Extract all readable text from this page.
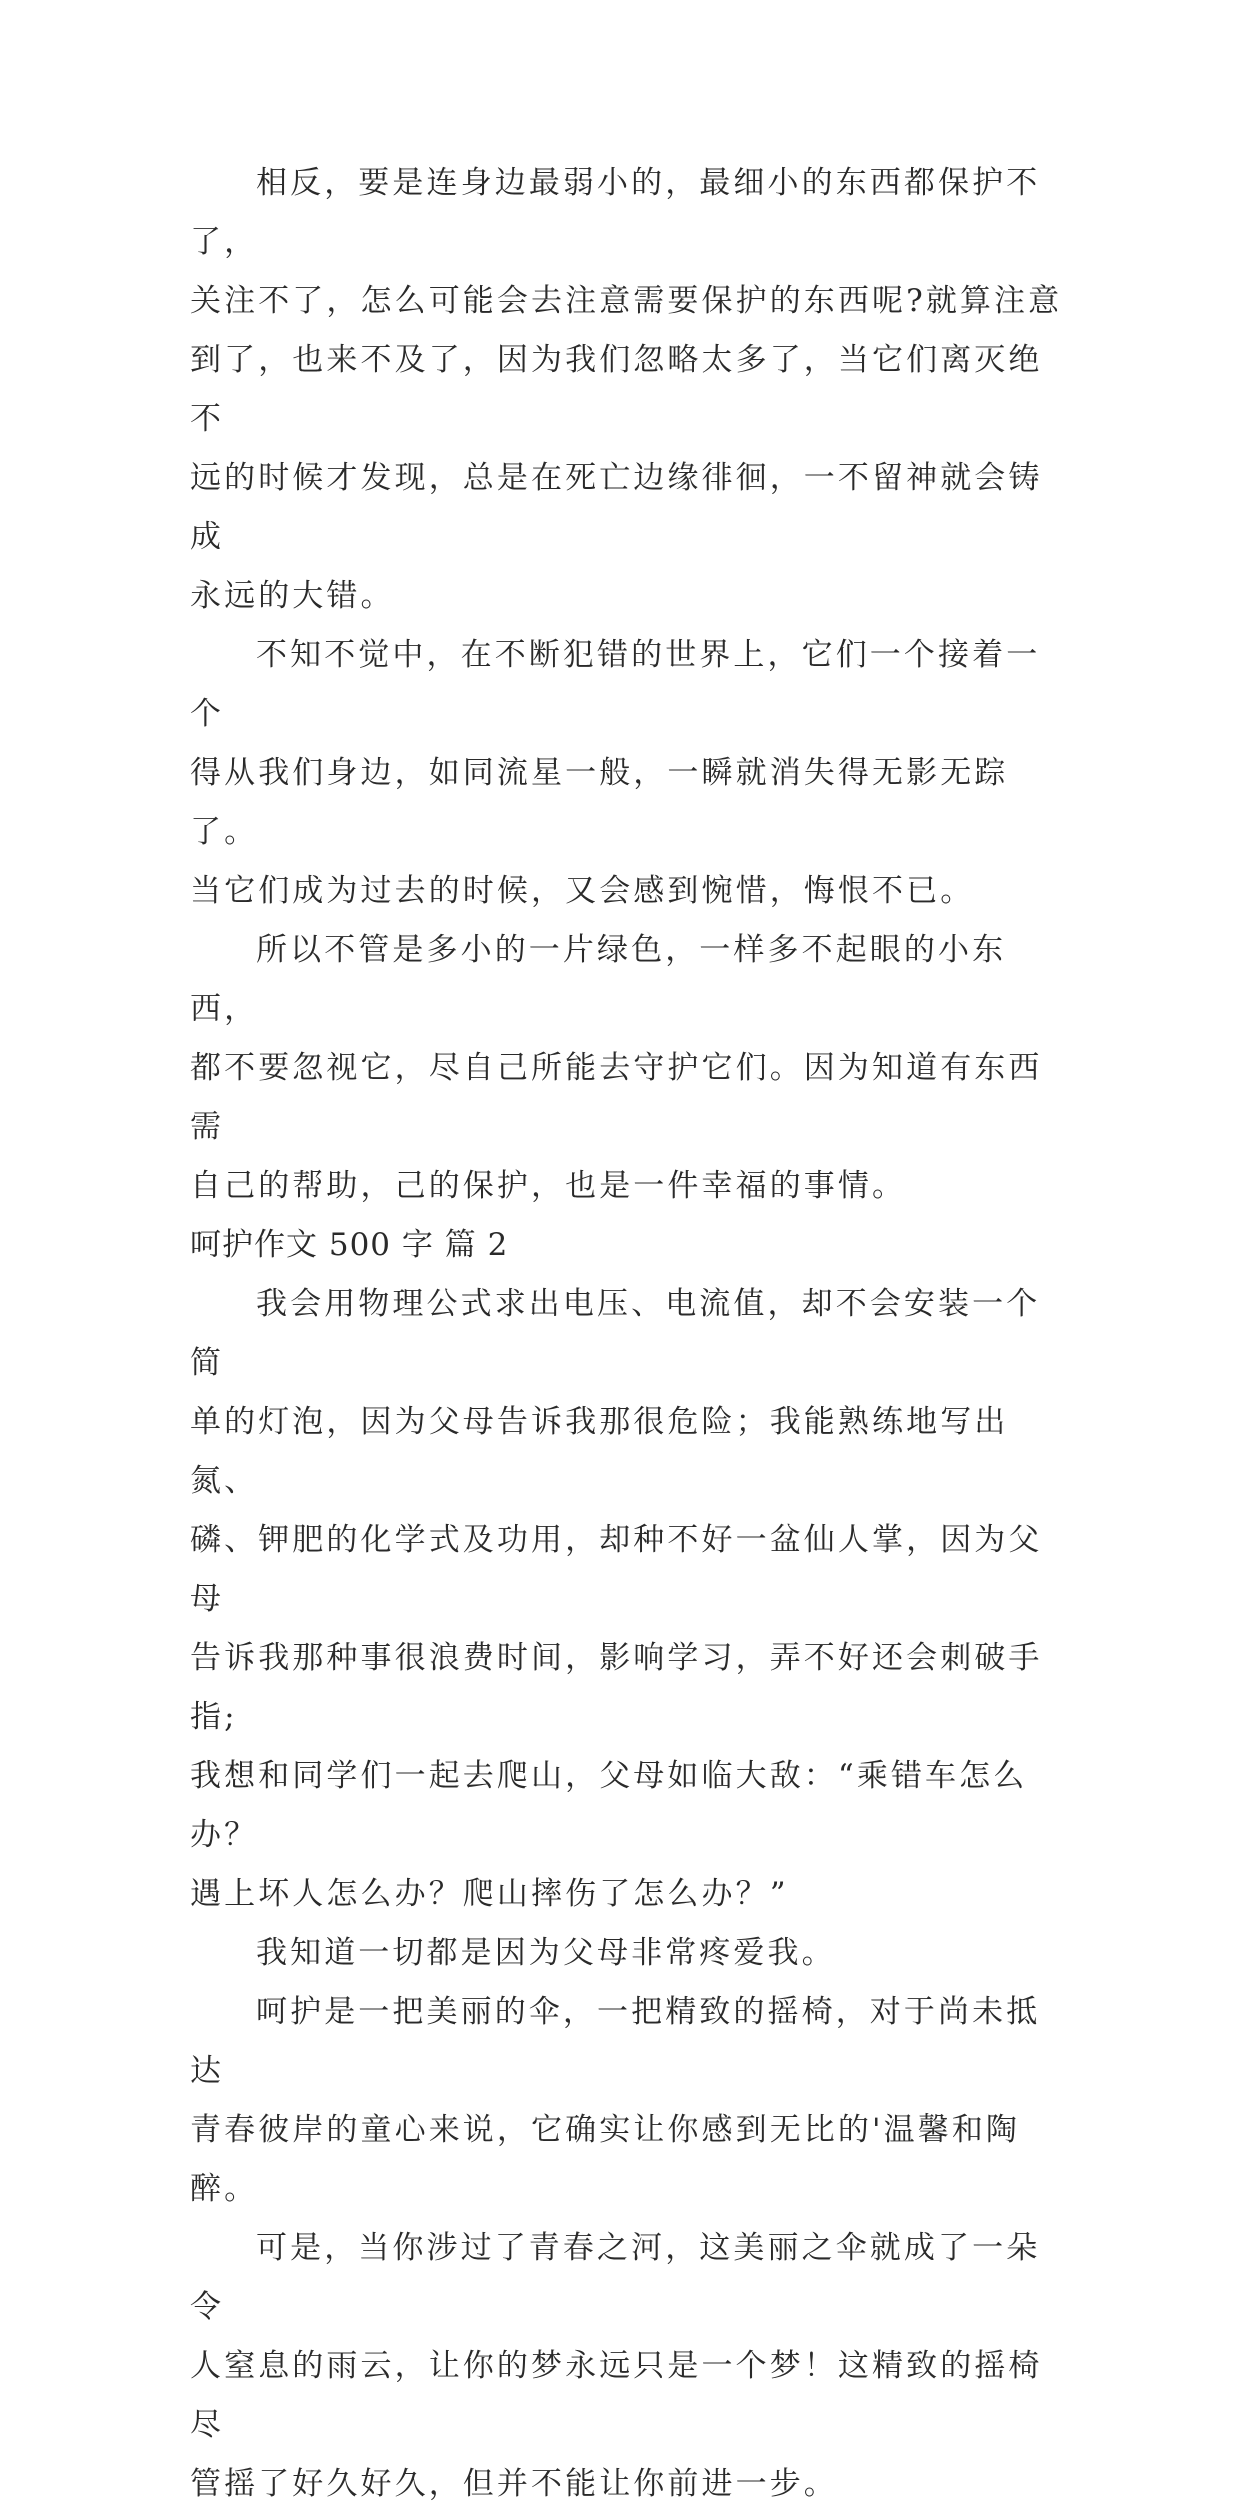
相反，要是连身边最弱小的，最细小的东西都保护不了，
关注不了，怎么可能会去注意需要保护的东西呢?就算注意
到了，也来不及了，因为我们忽略太多了，当它们离灭绝不
远的时候才发现，总是在死亡边缘徘徊，一不留神就会铸成
永远的大错。

不知不觉中，在不断犯错的世界上，它们一个接着一个
得从我们身边，如同流星一般，一瞬就消失得无影无踪了。
当它们成为过去的时候，又会感到惋惜，悔恨不已。

所以不管是多小的一片绿色，一样多不起眼的小东西，
都不要忽视它，尽自己所能去守护它们。因为知道有东西需
自己的帮助，己的保护，也是一件幸福的事情。

呵护作文 500 字 篇 2

我会用物理公式求出电压、电流值，却不会安装一个简
单的灯泡，因为父母告诉我那很危险；我能熟练地写出氮、
磷、钾肥的化学式及功用，却种不好一盆仙人掌，因为父母
告诉我那种事很浪费时间，影响学习，弄不好还会刺破手指;
我想和同学们一起去爬山，父母如临大敌：“乘错车怎么办？
遇上坏人怎么办？爬山摔伤了怎么办？”

我知道一切都是因为父母非常疼爱我。

呵护是一把美丽的伞，一把精致的摇椅，对于尚未抵达
青春彼岸的童心来说，它确实让你感到无比的'温馨和陶醉。

可是，当你涉过了青春之河，这美丽之伞就成了一朵令
人窒息的雨云，让你的梦永远只是一个梦！这精致的摇椅尽
管摇了好久好久，但并不能让你前进一步。
